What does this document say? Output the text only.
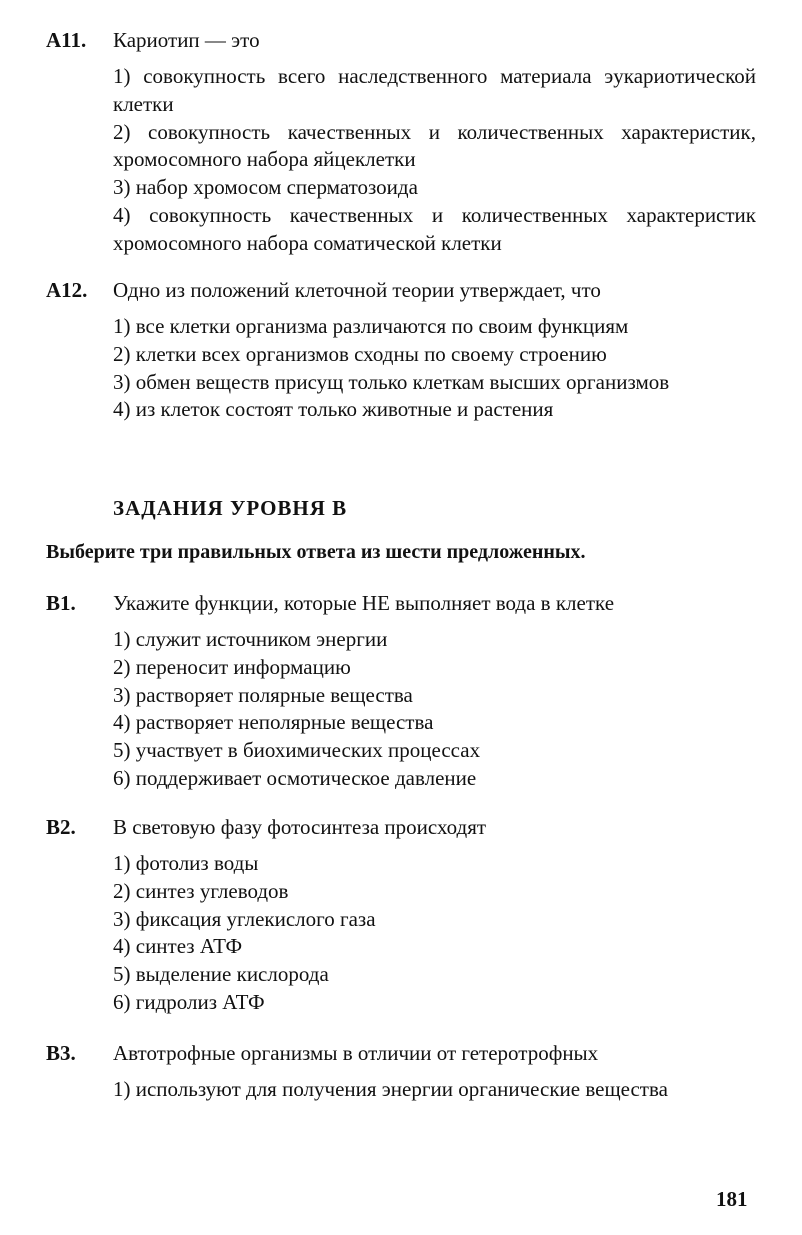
А11. Кариотип — это
1) совокупность всего наследственного материала эукариотической клетки
2) совокупность качественных и количественных характеристик, хромосомного набора яйцеклетки
3) набор хромосом сперматозоида
4) совокупность качественных и количественных характеристик хромосомного набора соматической клетки
А12. Одно из положений клеточной теории утверждает, что
1) все клетки организма различаются по своим функциям
2) клетки всех организмов сходны по своему строению
3) обмен веществ присущ только клеткам высших организмов
4) из клеток состоят только животные и растения
ЗАДАНИЯ УРОВНЯ В
Выберите три правильных ответа из шести предложенных.
В1. Укажите функции, которые НЕ выполняет вода в клетке
1) служит источником энергии
2) переносит информацию
3) растворяет полярные вещества
4) растворяет неполярные вещества
5) участвует в биохимических процессах
6) поддерживает осмотическое давление
В2. В световую фазу фотосинтеза происходят
1) фотолиз воды
2) синтез углеводов
3) фиксация углекислого газа
4) синтез АТФ
5) выделение кислорода
6) гидролиз АТФ
В3. Автотрофные организмы в отличии от гетеротрофных
1) используют для получения энергии органические вещества
181
